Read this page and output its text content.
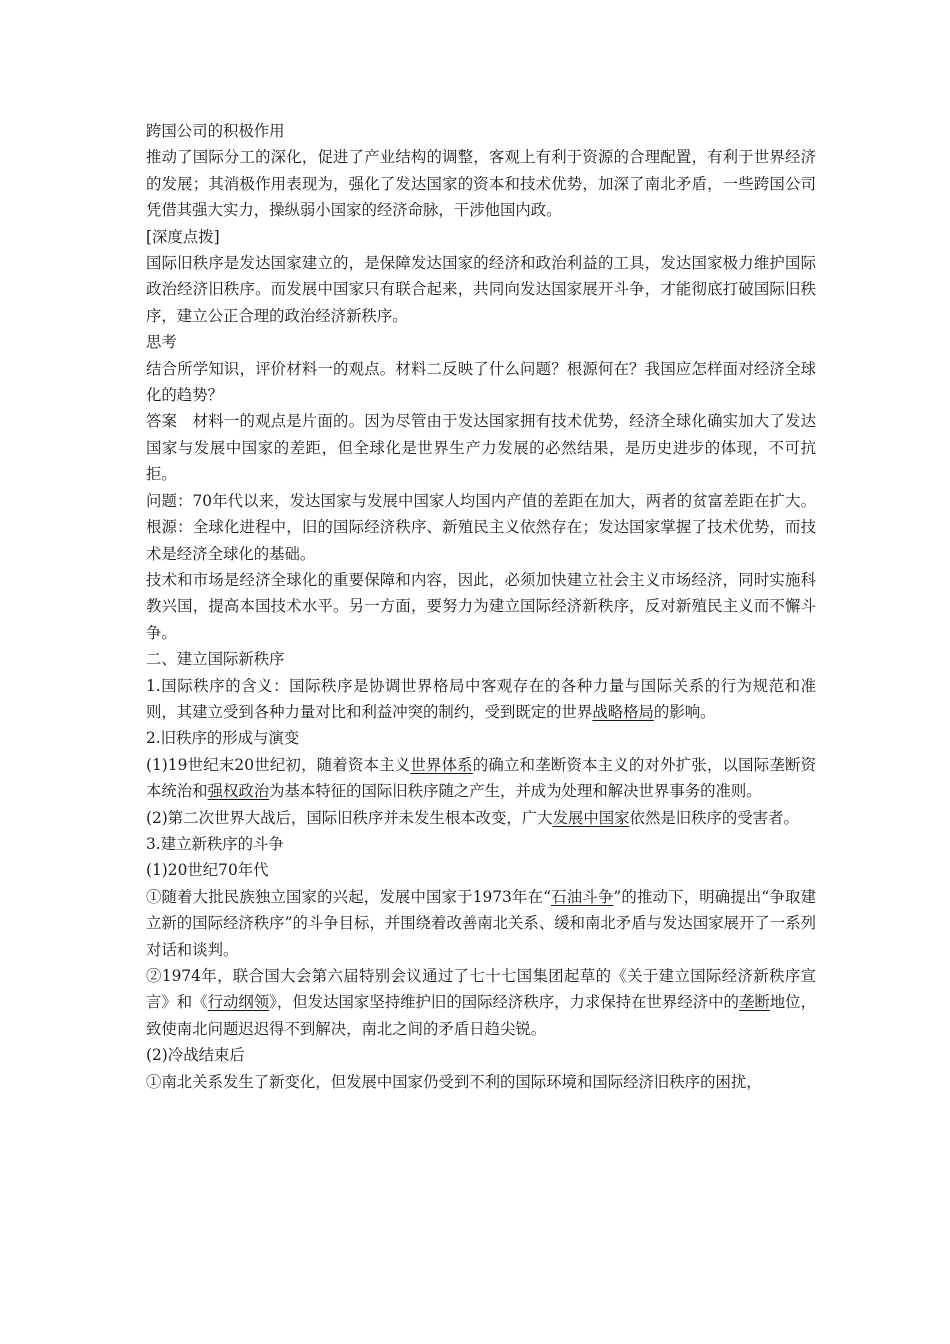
跨国公司的积极作用

推动了国际分工的深化，促进了产业结构的调整，客观上有利于资源的合理配置，有利于世界经济的发展；其消极作用表现为，强化了发达国家的资本和技术优势，加深了南北矛盾，一些跨国公司凭借其强大实力，操纵弱小国家的经济命脉，干涉他国内政。

[深度点拨]

国际旧秩序是发达国家建立的，是保障发达国家的经济和政治利益的工具，发达国家极力维护国际政治经济旧秩序。而发展中国家只有联合起来，共同向发达国家展开斗争，才能彻底打破国际旧秩序，建立公正合理的政治经济新秩序。

思考

结合所学知识，评价材料一的观点。材料二反映了什么问题？根源何在？我国应怎样面对经济全球化的趋势？

答案　材料一的观点是片面的。因为尽管由于发达国家拥有技术优势，经济全球化确实加大了发达国家与发展中国家的差距，但全球化是世界生产力发展的必然结果，是历史进步的体现，不可抗拒。

问题：70年代以来，发达国家与发展中国家人均国内产值的差距在加大，两者的贫富差距在扩大。根源：全球化进程中，旧的国际经济秩序、新殖民主义依然存在；发达国家掌握了技术优势，而技术是经济全球化的基础。

技术和市场是经济全球化的重要保障和内容，因此，必须加快建立社会主义市场经济，同时实施科教兴国，提高本国技术水平。另一方面，要努力为建立国际经济新秩序，反对新殖民主义而不懈斗争。

二、建立国际新秩序

1.国际秩序的含义：国际秩序是协调世界格局中客观存在的各种力量与国际关系的行为规范和准则，其建立受到各种力量对比和利益冲突的制约，受到既定的世界战略格局的影响。

2.旧秩序的形成与演变

(1)19世纪末20世纪初，随着资本主义世界体系的确立和垄断资本主义的对外扩张，以国际垄断资本统治和强权政治为基本特征的国际旧秩序随之产生，并成为处理和解决世界事务的准则。

(2)第二次世界大战后，国际旧秩序并未发生根本改变，广大发展中国家依然是旧秩序的受害者。

3.建立新秩序的斗争

(1)20世纪70年代

①随着大批民族独立国家的兴起，发展中国家于1973年在“石油斗争”的推动下，明确提出“争取建立新的国际经济秩序”的斗争目标，并围绕着改善南北关系、缓和南北矛盾与发达国家展开了一系列对话和谈判。

②1974年，联合国大会第六届特别会议通过了七十七国集团起草的《关于建立国际经济新秩序宣言》和《行动纲领》，但发达国家坚持维护旧的国际经济秩序，力求保持在世界经济中的垄断地位，致使南北问题迟迟得不到解决，南北之间的矛盾日趋尖锐。

(2)冷战结束后

①南北关系发生了新变化，但发展中国家仍受到不利的国际环境和国际经济旧秩序的困扰，
